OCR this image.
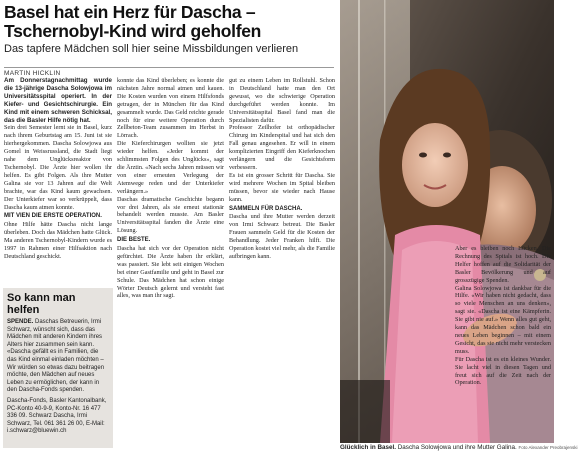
Basel hat ein Herz für Dascha – Tschernobyl-Kind wird geholfen
Das tapfere Mädchen soll hier seine Missbildungen verlieren
MARTIN HICKLIN

Am Donnerstagnachmittag wurde die 13-jährige Dascha Solowjowa im Universitätsspital operiert. In der Kiefer- und Gesichtschirurgie. Ein Kind mit einem schweren Schicksal, das die Basler Hilfe nötig hat.

Sein drei Semester lernt sie in Basel, kurz nach ihrem Geburtstag am 15. Juni ist sie hierhergekommen. Dascha Solowjowa aus Gomel in Weissrussland, die Stadt liegt nahe dem Unglücksreaktor von Tschernobyl. Die Ärzte hier wollen ihr helfen. Es gibt Folgen. Als ihre Mutter Galina sie vor 13 Jahren auf die Welt brachte, war das Kind kaum gewachsen. Der Unterkiefer war so verkrüppelt, dass Dascha kaum atmen konnte.

MIT VIEN DIE ERSTE OPERATION.

Ohne Hilfe hätte Dascha nicht lange überleben. Doch das Mädchen hatte Glück. Ma anderen Tschernobyl-Kindern wurde es 1997 in Rahmen einer Hilfsaktion nach Deutschland geschickt.

So kann man helfen
SPENDE. Daschas Betreuerin, Irmi Schwarz, wünscht sich, dass das Mädchen mit anderen Kindern ihres Alters hier zusammen sein kann. «Dascha gefällt es in Familien, die das Kind einmal einladen möchten – Wir würden so etwas dazu beitragen möchte, den Mädchen auf neues Leben zu ermöglichen, der kann in den Dascha-Fonds spenden.
Dascha-Fonds, Basler Kantonalbank, PC-Konto 40-9-9, Konto-Nr. 16 477 336 09. Schwarz Dascha, Irmi Schwarz, Tel. 061 361 26 00, E-Mail: i.schwarz@bluewin.ch

konnte das Kind überleben; es konnte die nächsten Jahre normal atmen und kauen. Die Kosten wurden von einem Hilfsfonds getragen, der in München für das Kind gesammelt wurde. Das Geld reichte gerade noch für eine weitere Operation durch Zellbeton-Team zusammen im Herbst in Lörrach.

Die Kieferchirurgen wollten sie jetzt wieder helfen. «Jeder kommt der schlimmsten Folgen des Unglücks», sagt die Ärztin. «Nach sechs Jahren müssen wir von einer erneuten Verlegung der Atemwege reden und der Unterkiefer verlängern.»

Daschas dramatische Geschichte begann vor drei Jahren, als sie erneut stationär behandelt werden musste. Am Basler Universitätsspital fanden die Ärzte eine Lösung.

DIE BESTE.

Dascha hat sich vor der Operation nicht gefürchtet. Die Ärzte haben ihr erklärt, was passiert. Sie lebt seit einigen Wochen bei einer Gastfamilie und geht in Basel zur Schule. Das Mädchen hat schon einige Wörter Deutsch gelernt und versteht fast alles, was man ihr sagt.

gut zu einem Leben im Rollstuhl. Schon in Deutschland hatte man den Ort gewusst, wo die schwierige Operation durchgeführt werden konnte. Im Universitätsspital Basel fand man die Spezialisten dafür.

Professor Zeilhofer ist orthopädischer Chirurg im Kinderspital und hat sich den Fall genau angesehen. Er will in einem komplizierten Eingriff den Kieferknochen verlängern und die Gesichtsform verbessern.

Es ist ein grosser Schritt für Dascha. Sie wird mehrere Wochen im Spital bleiben müssen, bevor sie wieder nach Hause kann.

SAMMELN FÜR DASCHA.

Dascha und ihre Mutter werden derzeit von Irmi Schwarz betreut. Die Basler Frauen sammeln Geld für die Kosten der Behandlung. Jeder Franken hilft. Die Operation kostet viel mehr, als die Familie aufbringen kann.

Aber es bleiben noch Lücken. Die Rechnung des Spitals ist hoch. Die Helfer hoffen auf die Solidarität der Basler Bevölkerung und auf grosszügige Spenden.

Galina Solowjowa ist dankbar für die Hilfe. «Wir haben nicht gedacht, dass so viele Menschen an uns denken», sagt sie. «Dascha ist eine Kämpferin. Sie gibt nie auf.» Wenn alles gut geht, kann das Mädchen schon bald ein neues Leben beginnen – mit einem Gesicht, das sie nicht mehr verstecken muss.

Für Dascha ist es ein kleines Wunder. Sie lacht viel in diesen Tagen und freut sich auf die Zeit nach der Operation.

Glücklich in Basel. Dascha Solowjowa und ihre Mutter Galina. Foto Alexander Preobrajenski
